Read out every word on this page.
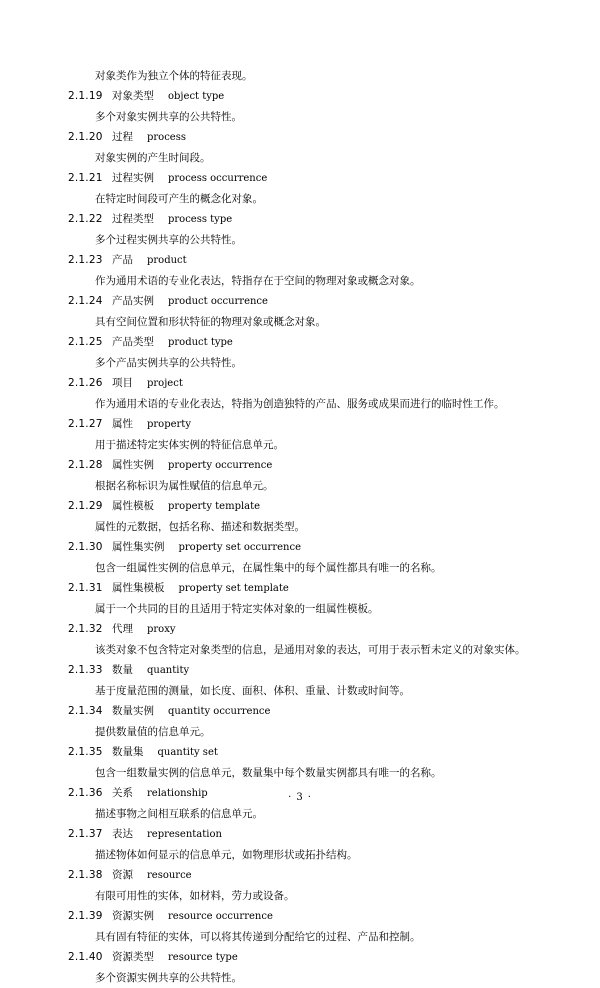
对象类作为独立个体的特征表现。
2.1.19 对象类型 object type
多个对象实例共享的公共特性。
2.1.20 过程 process
对象实例的产生时间段。
2.1.21 过程实例 process occurrence
在特定时间段可产生的概念化对象。
2.1.22 过程类型 process type
多个过程实例共享的公共特性。
2.1.23 产品 product
作为通用术语的专业化表达，特指存在于空间的物理对象或概念对象。
2.1.24 产品实例 product occurrence
具有空间位置和形状特征的物理对象或概念对象。
2.1.25 产品类型 product type
多个产品实例共享的公共特性。
2.1.26 项目 project
作为通用术语的专业化表达，特指为创造独特的产品、服务或成果而进行的临时性工作。
2.1.27 属性 property
用于描述特定实体实例的特征信息单元。
2.1.28 属性实例 property occurrence
根据名称标识为属性赋值的信息单元。
2.1.29 属性模板 property template
属性的元数据，包括名称、描述和数据类型。
2.1.30 属性集实例 property set occurrence
包含一组属性实例的信息单元，在属性集中的每个属性都具有唯一的名称。
2.1.31 属性集模板 property set template
属于一个共同的目的且适用于特定实体对象的一组属性模板。
2.1.32 代理 proxy
该类对象不包含特定对象类型的信息，是通用对象的表达，可用于表示暂未定义的对象实体。
2.1.33 数量 quantity
基于度量范围的测量，如长度、面积、体积、重量、计数或时间等。
2.1.34 数量实例 quantity occurrence
提供数量值的信息单元。
2.1.35 数量集 quantity set
包含一组数量实例的信息单元，数量集中每个数量实例都具有唯一的名称。
2.1.36 关系 relationship
描述事物之间相互联系的信息单元。
2.1.37 表达 representation
描述物体如何显示的信息单元，如物理形状或拓扑结构。
2.1.38 资源 resource
有限可用性的实体，如材料，劳力或设备。
2.1.39 资源实例 resource occurrence
具有固有特征的实体，可以将其传递到分配给它的过程、产品和控制。
2.1.40 资源类型 resource type
多个资源实例共享的公共特性。
· 3 ·
